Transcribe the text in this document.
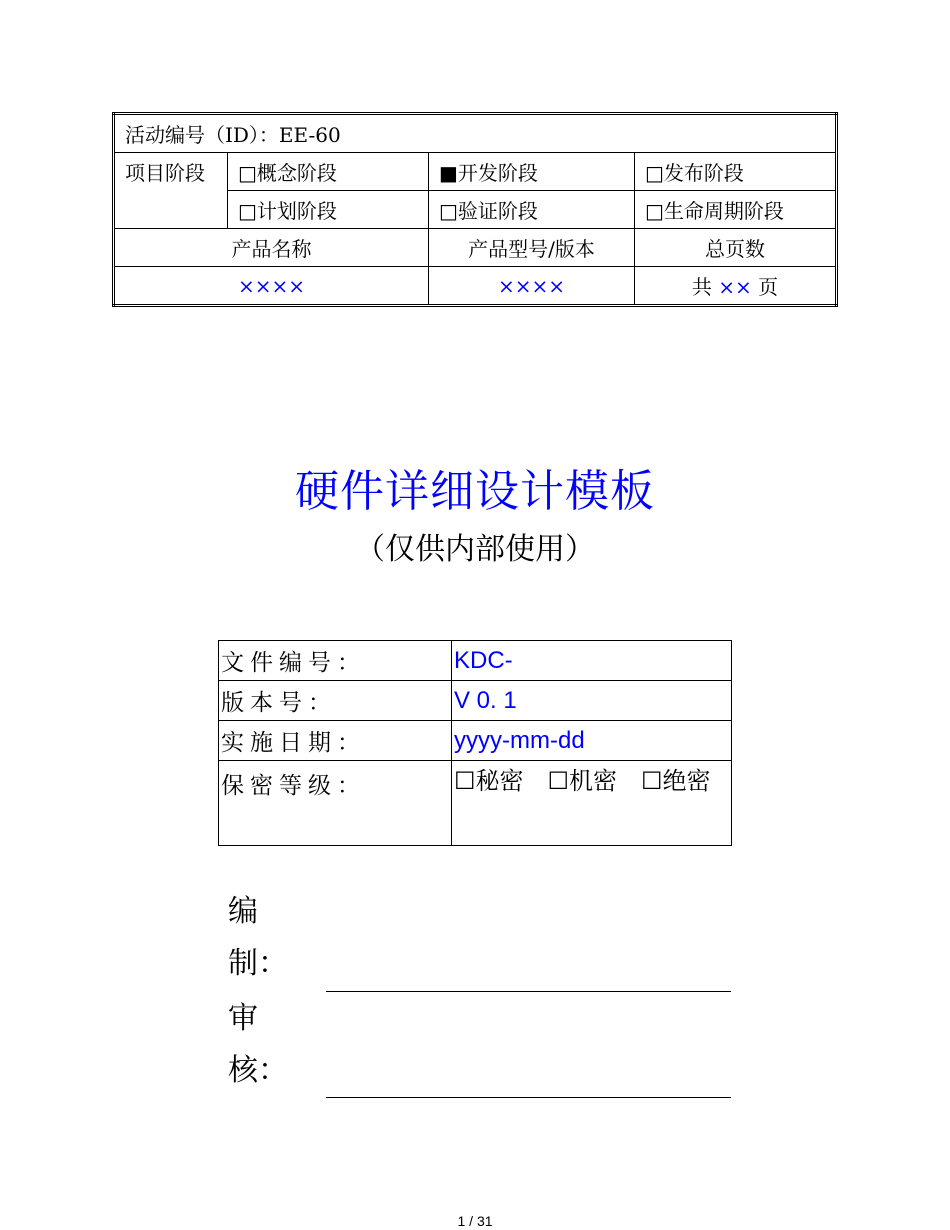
活动编号（ID）：EE-60			
项目阶段	□概念阶段	■开发阶段	□发布阶段
	□计划阶段	□验证阶段	□生命周期阶段
产品名称		产品型号/版本	总页数
××××		××××	共 ×× 页
硬件详细设计模板
（仅供内部使用）
文件编号：	KDC-
版本号：	V 0. 1
实施日期：	yyyy-mm-dd
保密等级：	☐秘密　☐机密　☐绝密
编制：
审核：
1 / 31
